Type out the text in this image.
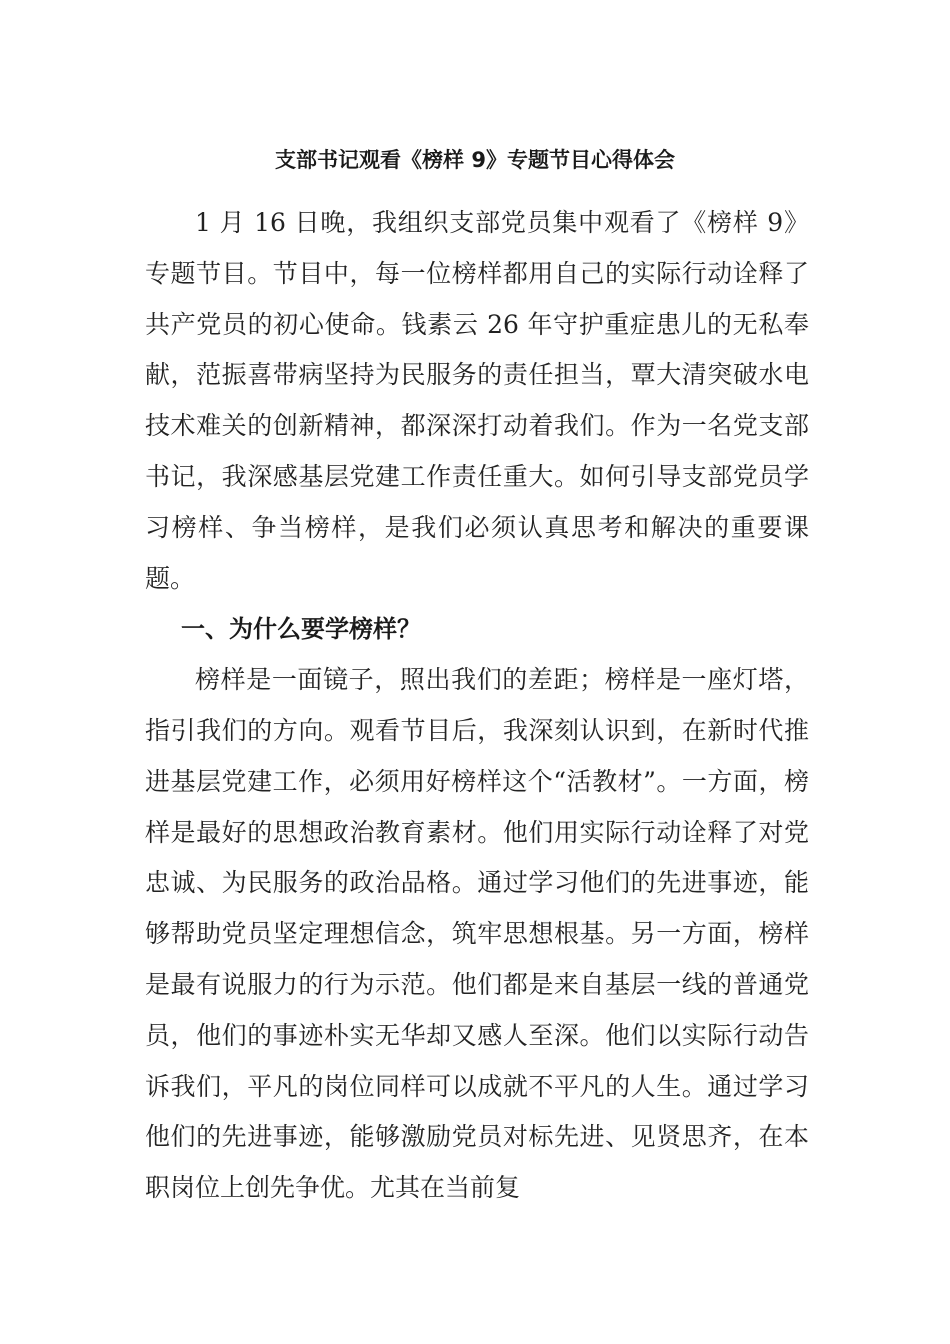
支部书记观看《榜样 9》专题节目心得体会

1 月 16 日晚，我组织支部党员集中观看了《榜样 9》专题节目。节目中，每一位榜样都用自己的实际行动诠释了共产党员的初心使命。钱素云 26 年守护重症患儿的无私奉献，范振喜带病坚持为民服务的责任担当，覃大清突破水电技术难关的创新精神，都深深打动着我们。作为一名党支部书记，我深感基层党建工作责任重大。如何引导支部党员学习榜样、争当榜样，是我们必须认真思考和解决的重要课题。

一、为什么要学榜样？

榜样是一面镜子，照出我们的差距；榜样是一座灯塔，指引我们的方向。观看节目后，我深刻认识到，在新时代推进基层党建工作，必须用好榜样这个“活教材”。一方面，榜样是最好的思想政治教育素材。他们用实际行动诠释了对党忠诚、为民服务的政治品格。通过学习他们的先进事迹，能够帮助党员坚定理想信念，筑牢思想根基。另一方面，榜样是最有说服力的行为示范。他们都是来自基层一线的普通党员，他们的事迹朴实无华却又感人至深。他们以实际行动告诉我们，平凡的岗位同样可以成就不平凡的人生。通过学习他们的先进事迹，能够激励党员对标先进、见贤思齐，在本职岗位上创先争优。尤其在当前复
